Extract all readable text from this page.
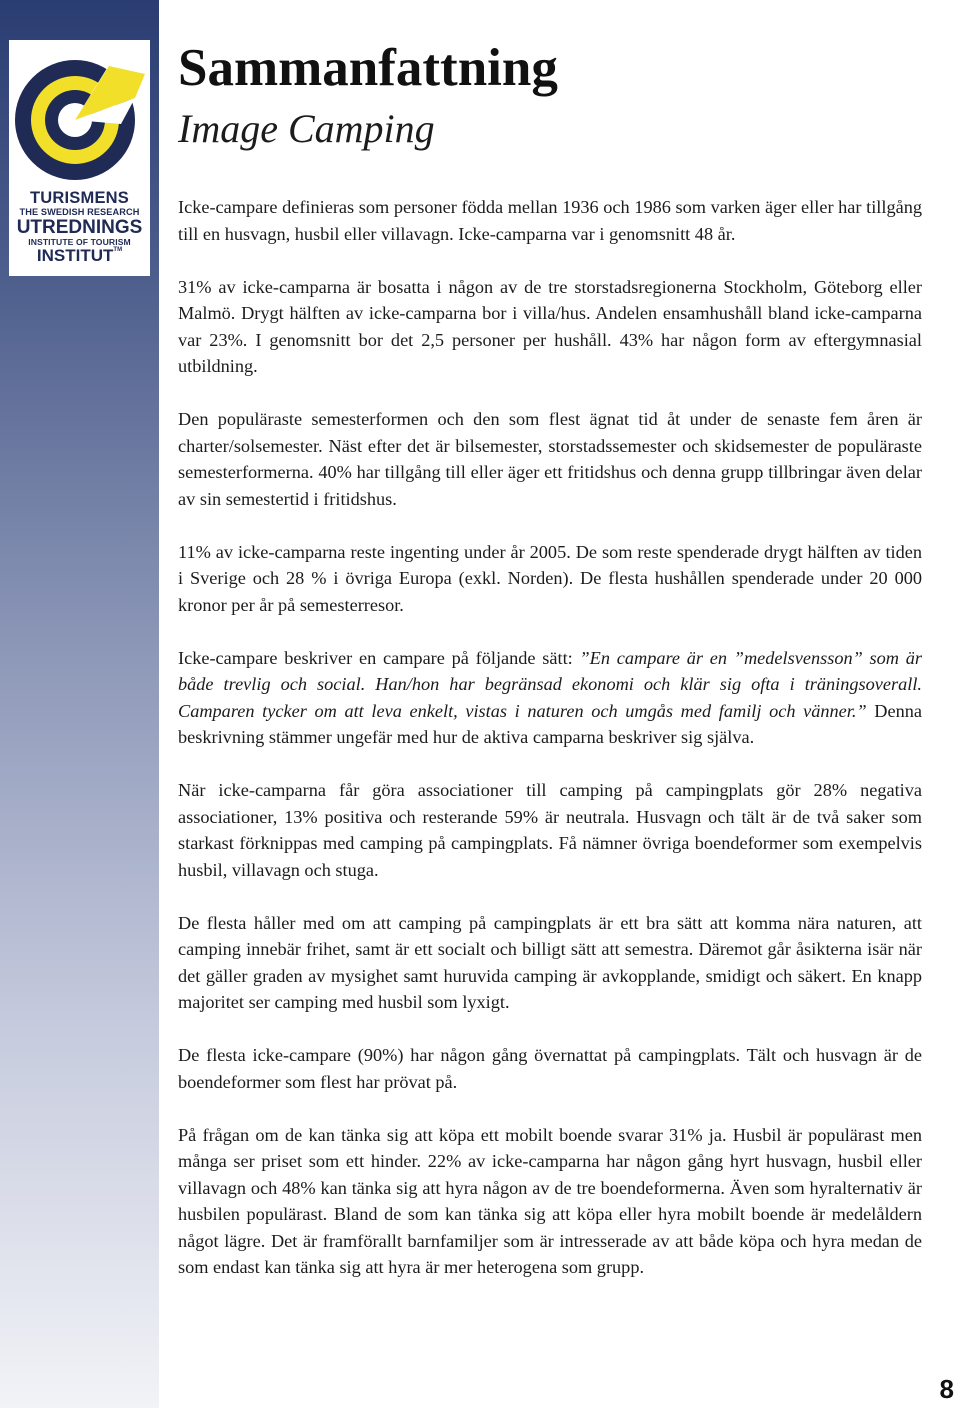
TURISMENS
THE SWEDISH RESEARCH
UTREDNINGS
INSTITUTE OF TOURISM
INSTITUT™
Sammanfattning
Image Camping

Icke-campare definieras som personer födda mellan 1936 och 1986 som varken äger eller har tillgång till en husvagn, husbil eller villavagn. Icke-camparna var i genomsnitt 48 år.

31% av icke-camparna är bosatta i någon av de tre storstadsregionerna Stockholm, Göteborg eller Malmö. Drygt hälften av icke-camparna bor i villa/hus. Andelen ensamhushåll bland icke-camparna var 23%. I genomsnitt bor det 2,5 personer per hushåll. 43% har någon form av eftergymnasial utbildning.

Den populäraste semesterformen och den som flest ägnat tid åt under de senaste fem åren är charter/solsemester. Näst efter det är bilsemester, storstadssemester och skidsemester de populäraste semesterformerna. 40% har tillgång till eller äger ett fritidshus och denna grupp tillbringar även delar av sin semestertid i fritidshus.

11% av icke-camparna reste ingenting under år 2005. De som reste spenderade drygt hälften av tiden i Sverige och 28 % i övriga Europa (exkl. Norden). De flesta hushållen spenderade under 20 000 kronor per år på semesterresor.

Icke-campare beskriver en campare på följande sätt: ”En campare är en ”medelsvensson” som är både trevlig och social. Han/hon har begränsad ekonomi och klär sig ofta i träningsoverall. Camparen tycker om att leva enkelt, vistas i naturen och umgås med familj och vänner.” Denna beskrivning stämmer ungefär med hur de aktiva camparna beskriver sig själva.

När icke-camparna får göra associationer till camping på campingplats gör 28% negativa associationer, 13% positiva och resterande 59% är neutrala. Husvagn och tält är de två saker som starkast förknippas med camping på campingplats. Få nämner övriga boendeformer som exempelvis husbil, villavagn och stuga.

De flesta håller med om att camping på campingplats är ett bra sätt att komma nära naturen, att camping innebär frihet, samt är ett socialt och billigt sätt att semestra. Däremot går åsikterna isär när det gäller graden av mysighet samt huruvida camping är avkopplande, smidigt och säkert. En knapp majoritet ser camping med husbil som lyxigt.

De flesta icke-campare (90%) har någon gång övernattat på campingplats. Tält och husvagn är de boendeformer som flest har prövat på.

På frågan om de kan tänka sig att köpa ett mobilt boende svarar 31% ja. Husbil är populärast men många ser priset som ett hinder. 22% av icke-camparna har någon gång hyrt husvagn, husbil eller villavagn och 48% kan tänka sig att hyra någon av de tre boendeformerna. Även som hyralternativ är husbilen populärast. Bland de som kan tänka sig att köpa eller hyra mobilt boende är medelåldern något lägre. Det är framförallt barnfamiljer som är intresserade av att både köpa och hyra medan de som endast kan tänka sig att hyra är mer heterogena som grupp.

8
